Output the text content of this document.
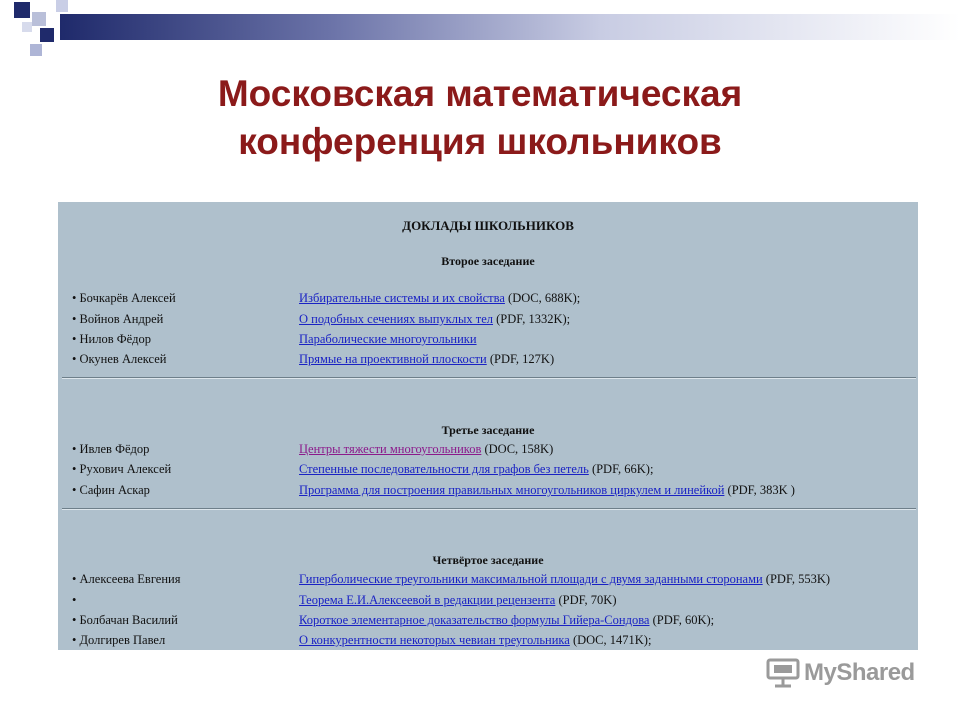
Московская математическая
конференция школьников
ДОКЛАДЫ ШКОЛЬНИКОВ
Второе заседание
• Бочкарёв Алексей	Избирательные системы и их свойства (DOC, 688K);
• Войнов Андрей	О подобных сечениях выпуклых тел (PDF, 1332K);
• Нилов Фёдор	Параболические многоугольники
• Окунев Алексей	Прямые на проективной плоскости (PDF, 127K)
Третье заседание
• Ивлев Фёдор	Центры тяжести многоугольников (DOC, 158K)
• Рухович Алексей	Степенные последовательности для графов без петель (PDF, 66K);
• Сафин Аскар	Программа для построения правильных многоугольников циркулем и линейкой (PDF, 383K )
Четвёртое заседание
• Алексеева Евгения	Гиперболические треугольники максимальной площади с двумя заданными сторонами (PDF, 553K)
•	Теорема Е.И.Алексеевой в редакции рецензента (PDF, 70K)
• Болбачан Василий	Короткое элементарное доказательство формулы Гийера-Сондова (PDF, 60K);
• Долгирев Павел	О конкурентности некоторых чевиан треугольника (DOC, 1471K);
MyShared
